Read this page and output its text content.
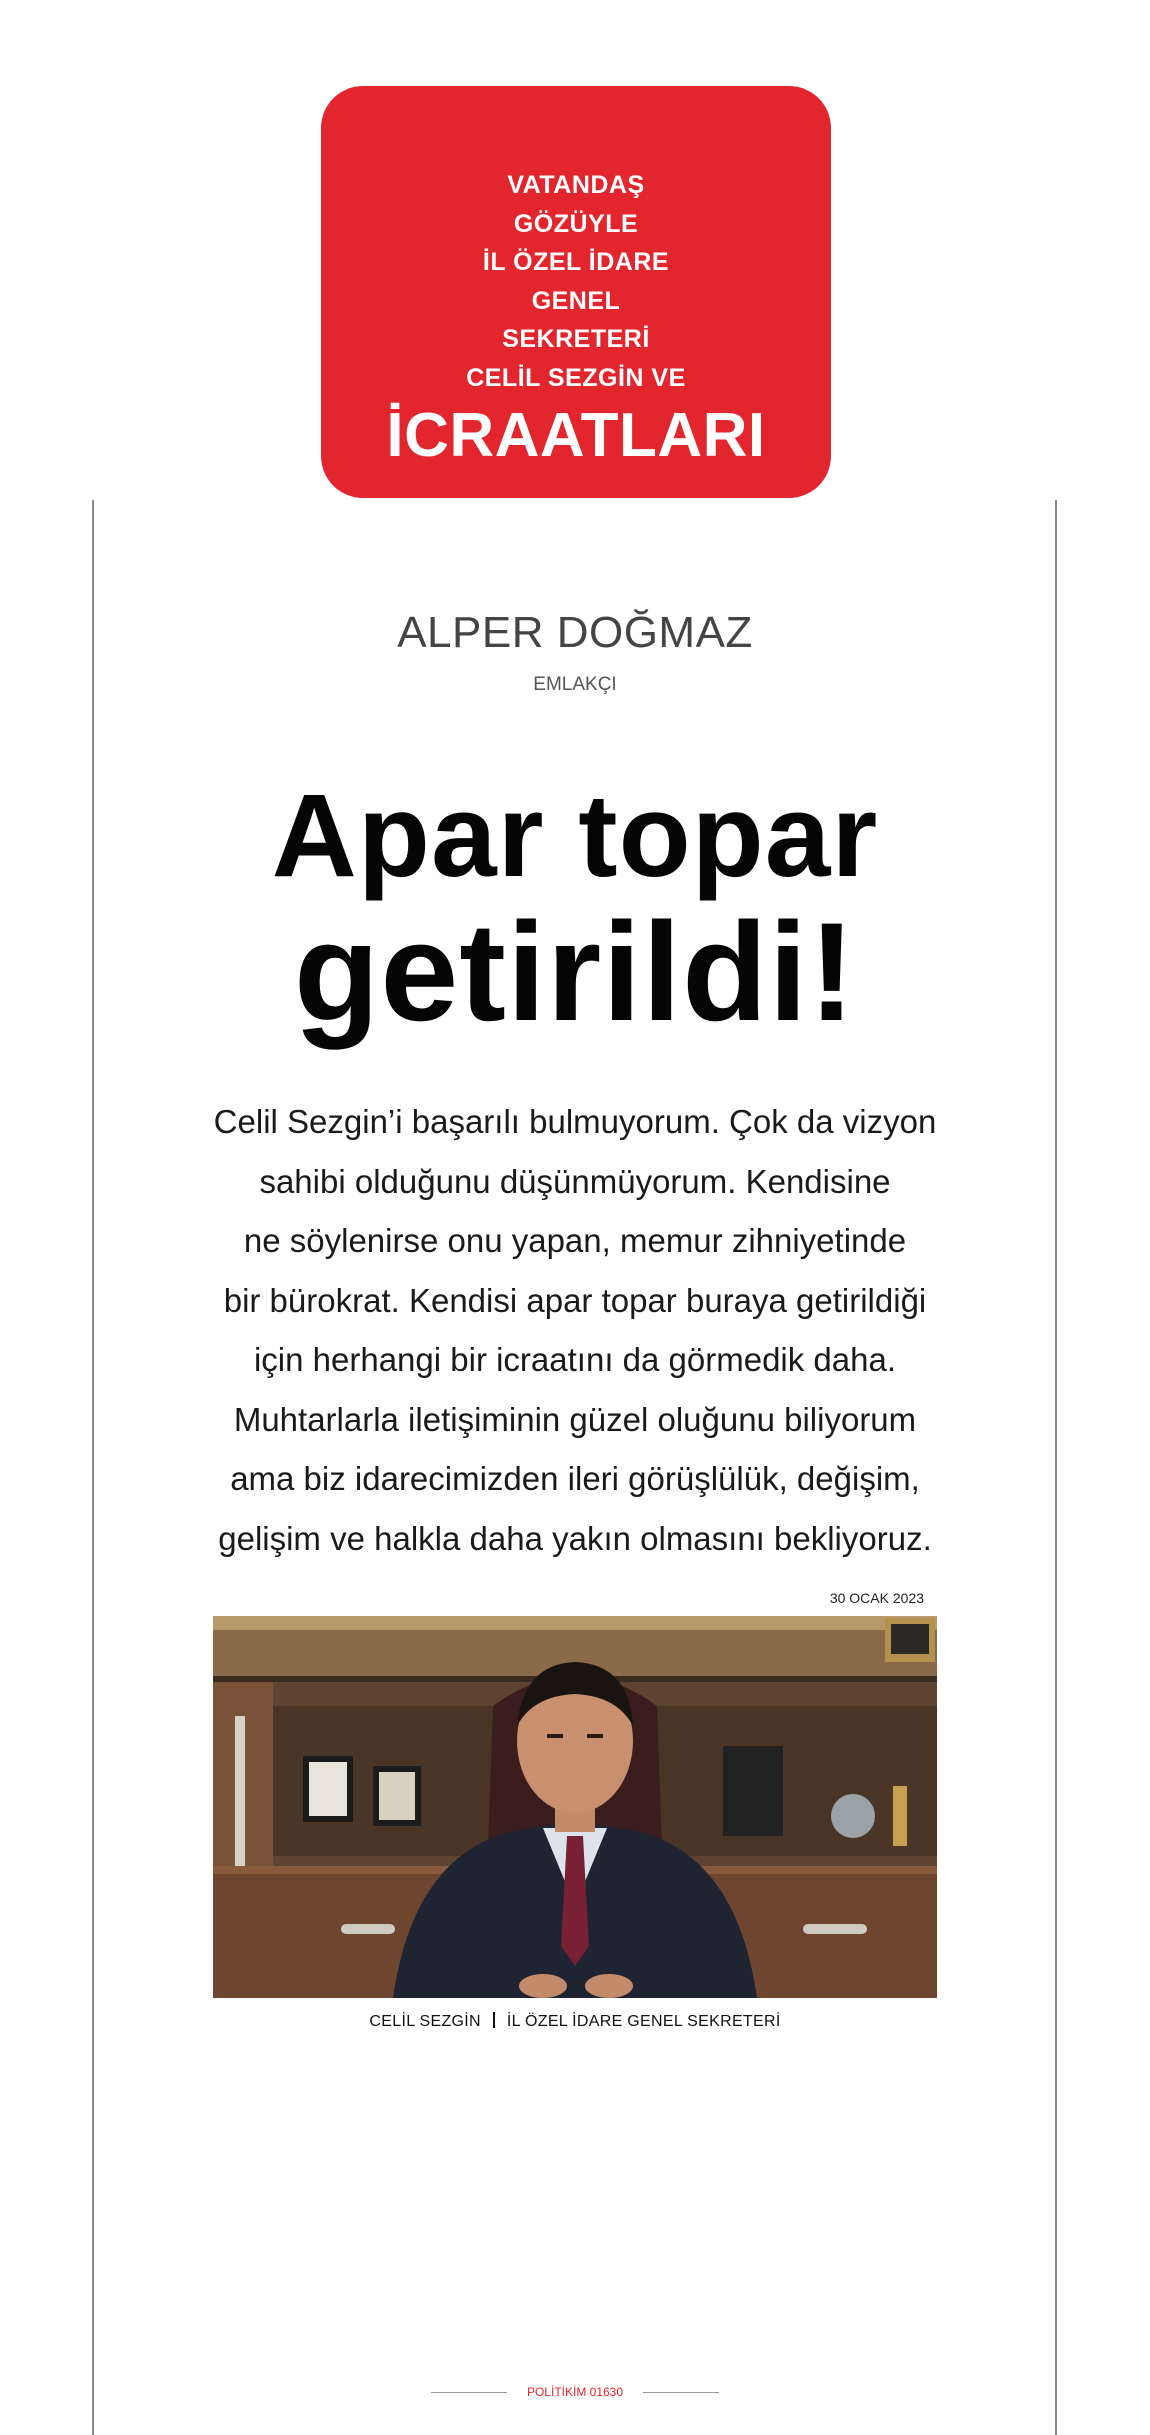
VATANDAŞ
GÖZÜYLE
İL ÖZEL İDARE
GENEL
SEKRETERİ
CELİL SEZGİN VE
İCRAATLARI
ALPER DOĞMAZ
EMLAKÇI
Apar topar
getirildi!
Celil Sezgin’i başarılı bulmuyorum. Çok da vizyon
sahibi olduğunu düşünmüyorum. Kendisine
ne söylenirse onu yapan, memur zihniyetinde
bir bürokrat. Kendisi apar topar buraya getirildiği
için herhangi bir icraatını da görmedik daha.
Muhtarlarla iletişiminin güzel oluğunu biliyorum
ama biz idarecimizden ileri görüşlülük, değişim,
gelişim ve halkla daha yakın olmasını bekliyoruz.
30 OCAK 2023
CELİL SEZGİN İL ÖZEL İDARE GENEL SEKRETERİ
POLİTİKİM 01630
